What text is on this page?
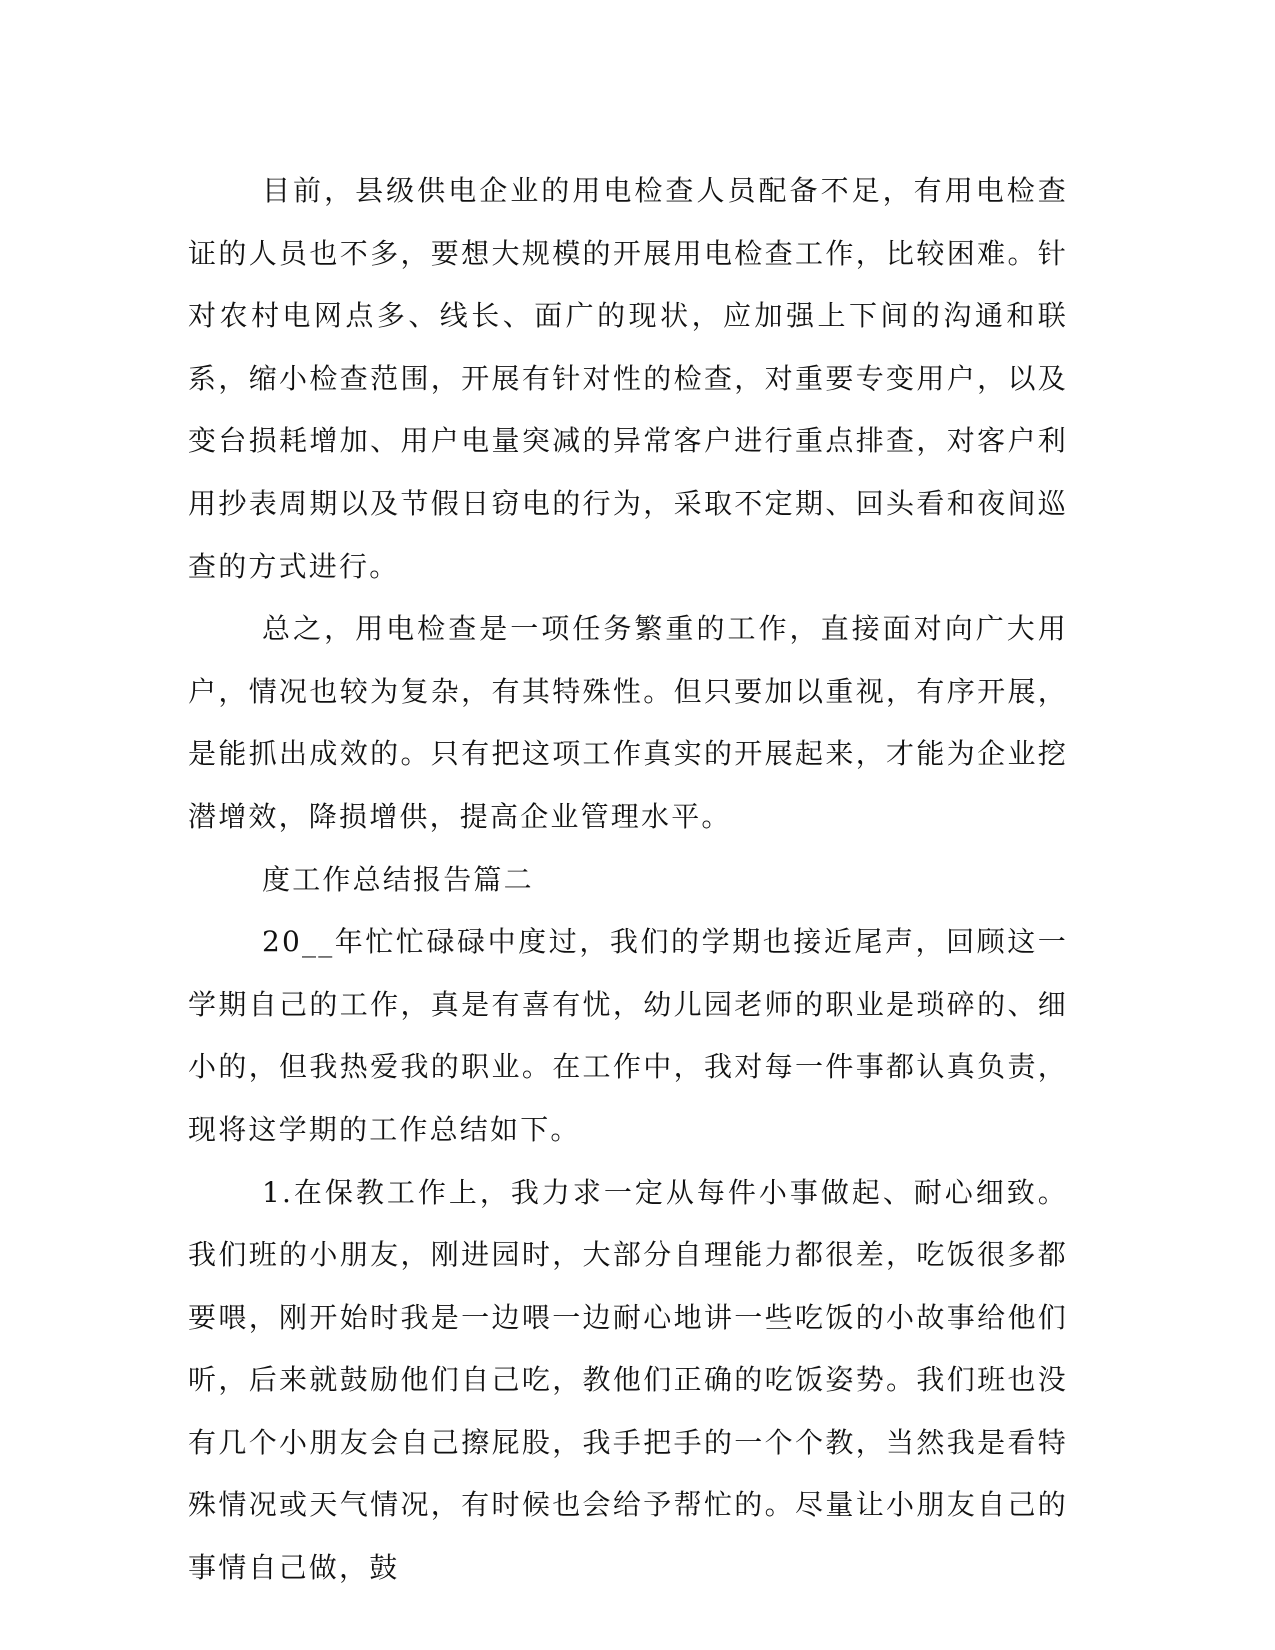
目前，县级供电企业的用电检查人员配备不足，有用电检查证的人员也不多，要想大规模的开展用电检查工作，比较困难。针对农村电网点多、线长、面广的现状，应加强上下间的沟通和联系，缩小检查范围，开展有针对性的检查，对重要专变用户，以及变台损耗增加、用户电量突减的异常客户进行重点排查，对客户利用抄表周期以及节假日窃电的行为，采取不定期、回头看和夜间巡查的方式进行。

总之，用电检查是一项任务繁重的工作，直接面对向广大用户，情况也较为复杂，有其特殊性。但只要加以重视，有序开展，是能抓出成效的。只有把这项工作真实的开展起来，才能为企业挖潜增效，降损增供，提高企业管理水平。

度工作总结报告篇二

20__年忙忙碌碌中度过，我们的学期也接近尾声，回顾这一学期自己的工作，真是有喜有忧，幼儿园老师的职业是琐碎的、细小的，但我热爱我的职业。在工作中，我对每一件事都认真负责，现将这学期的工作总结如下。

1.在保教工作上，我力求一定从每件小事做起、耐心细致。我们班的小朋友，刚进园时，大部分自理能力都很差，吃饭很多都要喂，刚开始时我是一边喂一边耐心地讲一些吃饭的小故事给他们听，后来就鼓励他们自己吃，教他们正确的吃饭姿势。我们班也没有几个小朋友会自己擦屁股，我手把手的一个个教，当然我是看特殊情况或天气情况，有时候也会给予帮忙的。尽量让小朋友自己的事情自己做，鼓
